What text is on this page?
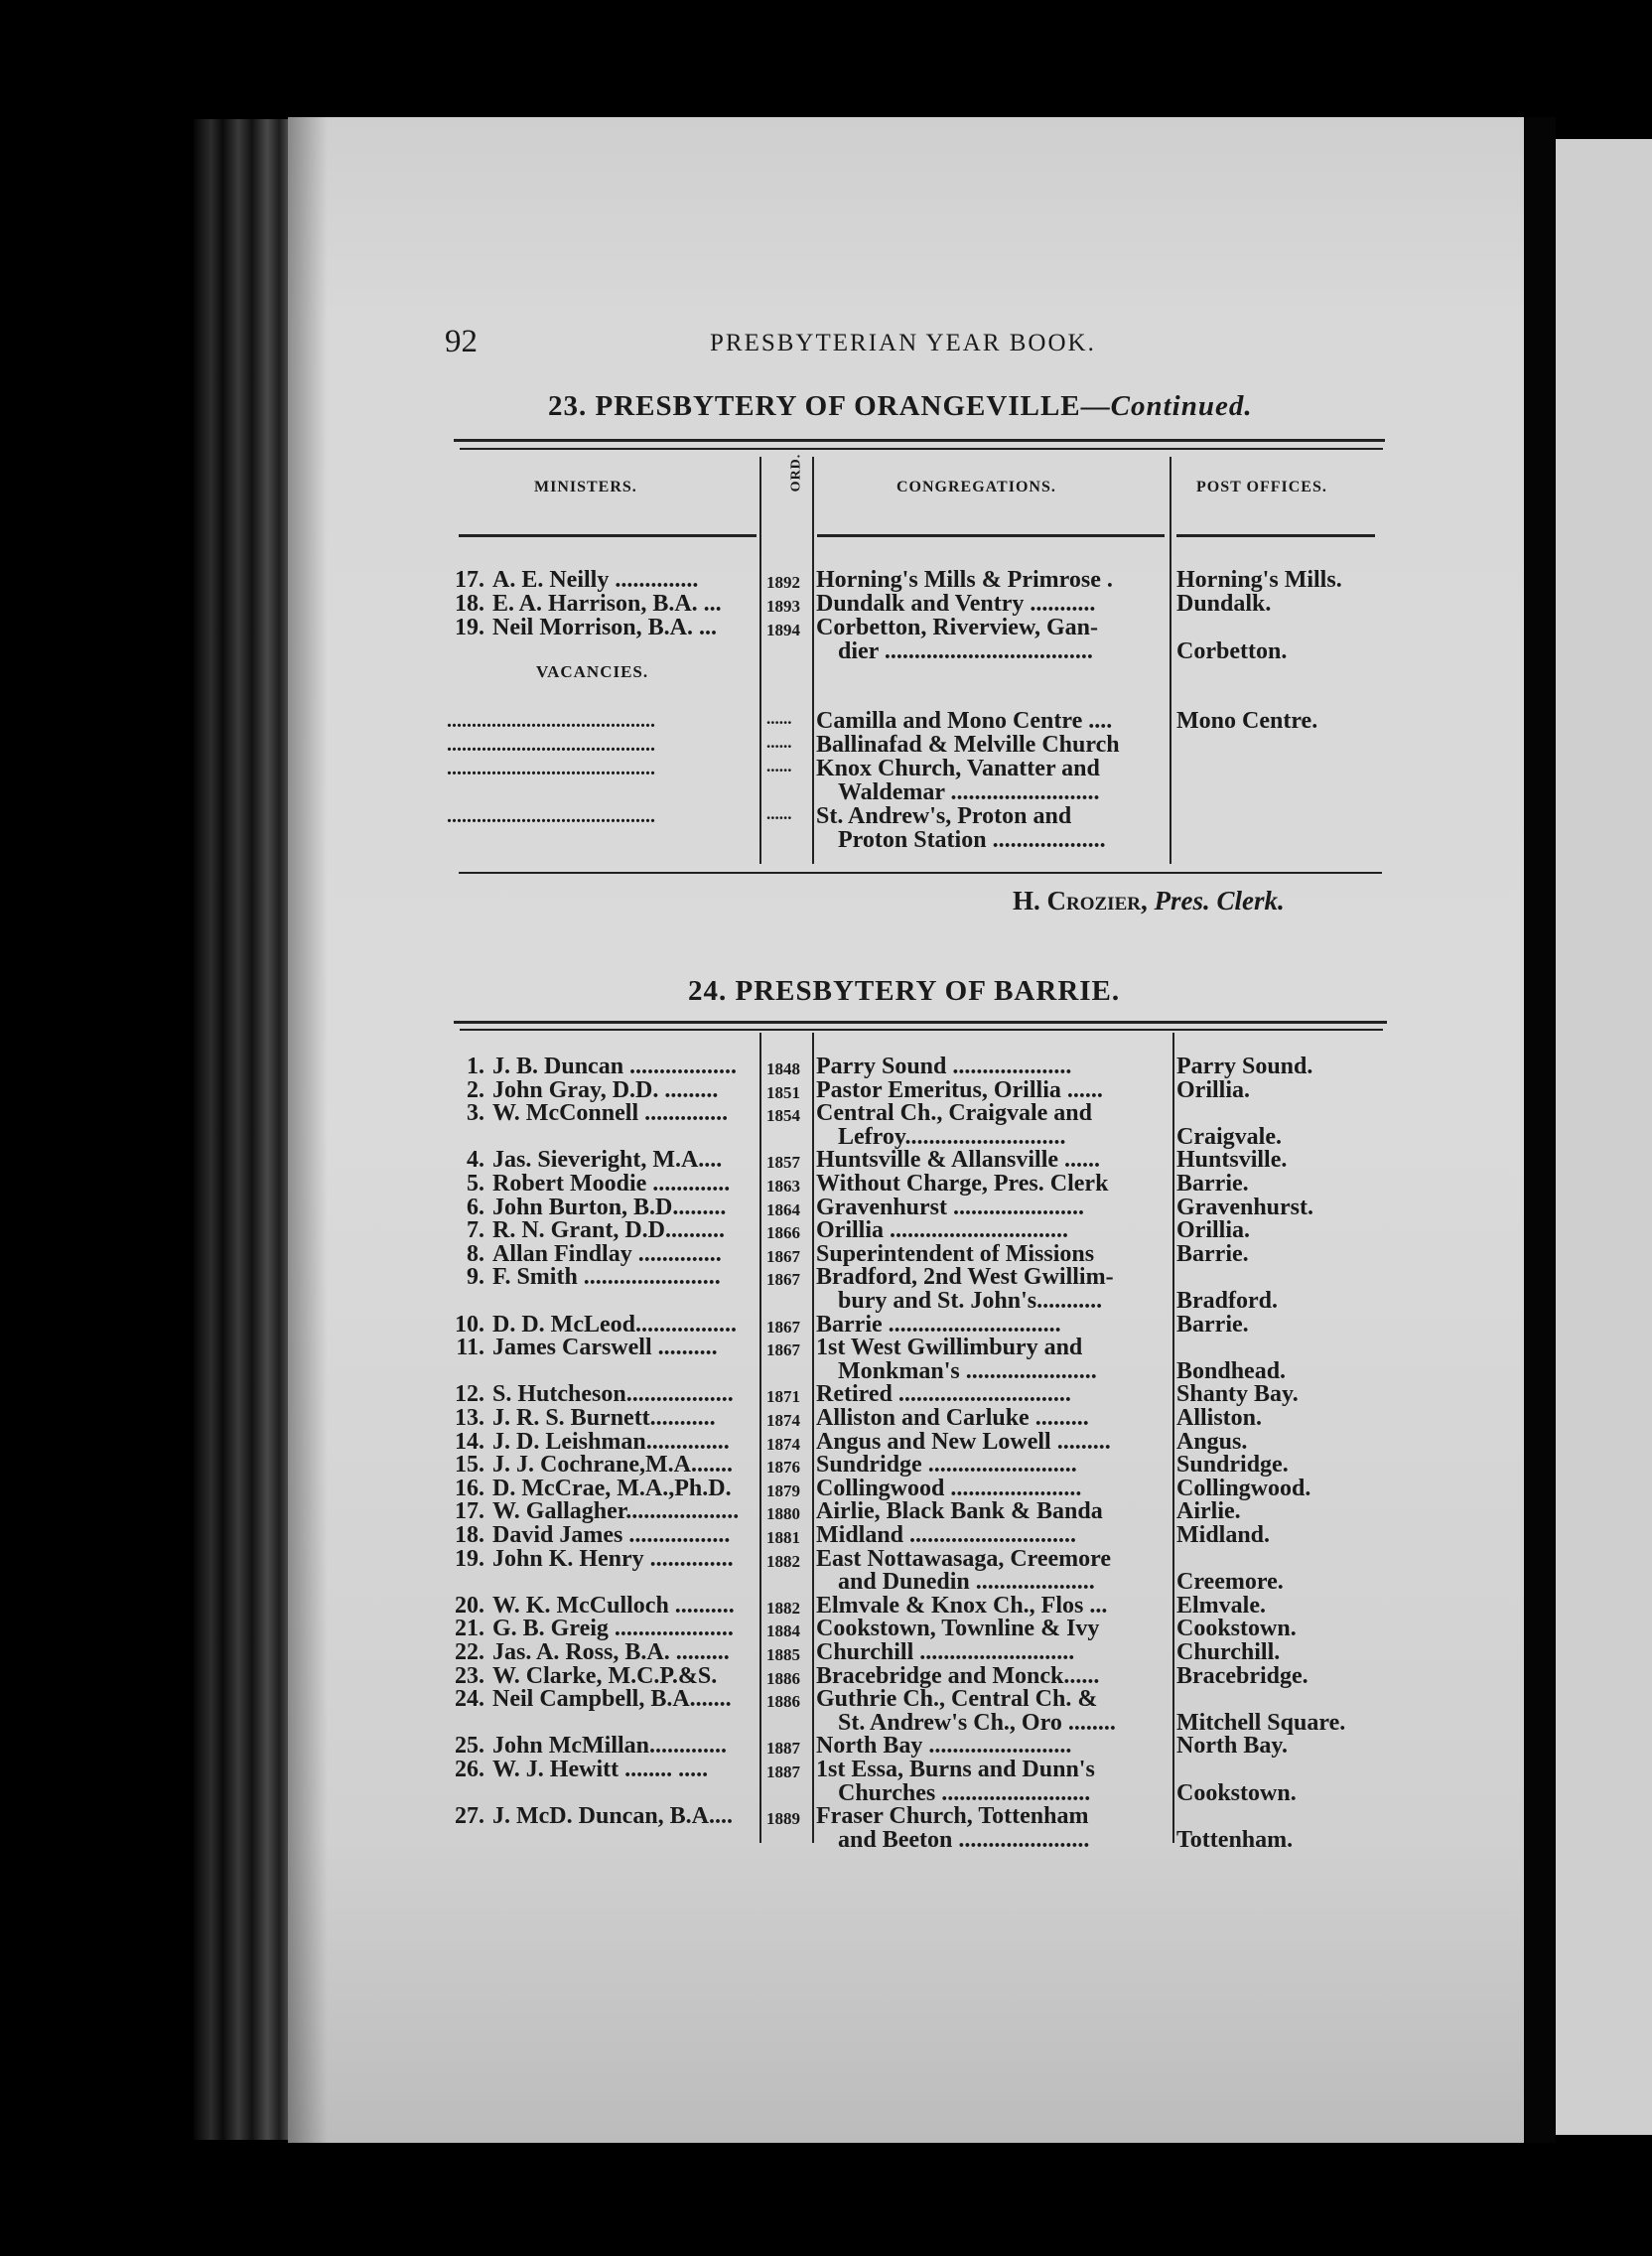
92	PRESBYTERIAN YEAR BOOK.
23. PRESBYTERY OF ORANGEVILLE—Continued.
MINISTERS.	ORD.	CONGREGATIONS.	POST OFFICES.
17. A. E. Neilly ..............	1892 Horning's Mills & Primrose .	Horning's Mills.
18. E. A. Harrison, B.A. ...	1893 Dundalk and Ventry ...........	Dundalk.
19. Neil Morrison, B.A. ...	1894 Corbetton, Riverview, Gan-
dier ...................................	Corbetton.
VACANCIES.
..........................................	......	Camilla and Mono Centre ....	Mono Centre.
..........................................	......	Ballinafad & Melville Church
..........................................	......	Knox Church, Vanatter and
Waldemar .........................
..........................................	......	St. Andrew's, Proton and
Proton Station ...................
H. Crozier, Pres. Clerk.
24. PRESBYTERY OF BARRIE.
1. J. B. Duncan ..................	1848 Parry Sound ....................	Parry Sound.
2. John Gray, D.D. .........	1851 Pastor Emeritus, Orillia ......	Orillia.
3. W. McConnell ..............	1854 Central Ch., Craigvale and
Lefroy...........................	Craigvale.
4. Jas. Sieveright, M.A....	1857 Huntsville & Allansville ......	Huntsville.
5. Robert Moodie .............	1863 Without Charge, Pres. Clerk	Barrie.
6. John Burton, B.D.........	1864 Gravenhurst ......................	Gravenhurst.
7. R. N. Grant, D.D..........	1866 Orillia ..............................	Orillia.
8. Allan Findlay ..............	1867 Superintendent of Missions	Barrie.
9. F. Smith .......................	1867 Bradford, 2nd West Gwillim-
bury and St. John's...........	Bradford.
10. D. D. McLeod.................	1867 Barrie .............................	Barrie.
11. James Carswell ..........	1867 1st West Gwillimbury and
Monkman's ......................	Bondhead.
12. S. Hutcheson..................	1871 Retired .............................	Shanty Bay.
13. J. R. S. Burnett...........	1874 Alliston and Carluke .........	Alliston.
14. J. D. Leishman..............	1874 Angus and New Lowell .........	Angus.
15. J. J. Cochrane,M.A.......	1876 Sundridge .........................	Sundridge.
16. D. McCrae, M.A.,Ph.D.	1879 Collingwood ......................	Collingwood.
17. W. Gallagher...................	1880 Airlie, Black Bank & Banda	Airlie.
18. David James .................	1881 Midland ............................	Midland.
19. John K. Henry ..............	1882 East Nottawasaga, Creemore
and Dunedin ....................	Creemore.
20. W. K. McCulloch ..........	1882 Elmvale & Knox Ch., Flos ...	Elmvale.
21. G. B. Greig ....................	1884 Cookstown, Townline & Ivy	Cookstown.
22. Jas. A. Ross, B.A. .........	1885 Churchill ..........................	Churchill.
23. W. Clarke, M.C.P.&S.	1886 Bracebridge and Monck......	Bracebridge.
24. Neil Campbell, B.A.......	1886 Guthrie Ch., Central Ch. &
St. Andrew's Ch., Oro ........	Mitchell Square.
25. John McMillan.............	1887 North Bay ........................	North Bay.
26. W. J. Hewitt ........ .....	1887 1st Essa, Burns and Dunn's
Churches .........................	Cookstown.
27. J. McD. Duncan, B.A....	1889 Fraser Church, Tottenham
and Beeton ......................	Tottenham.
